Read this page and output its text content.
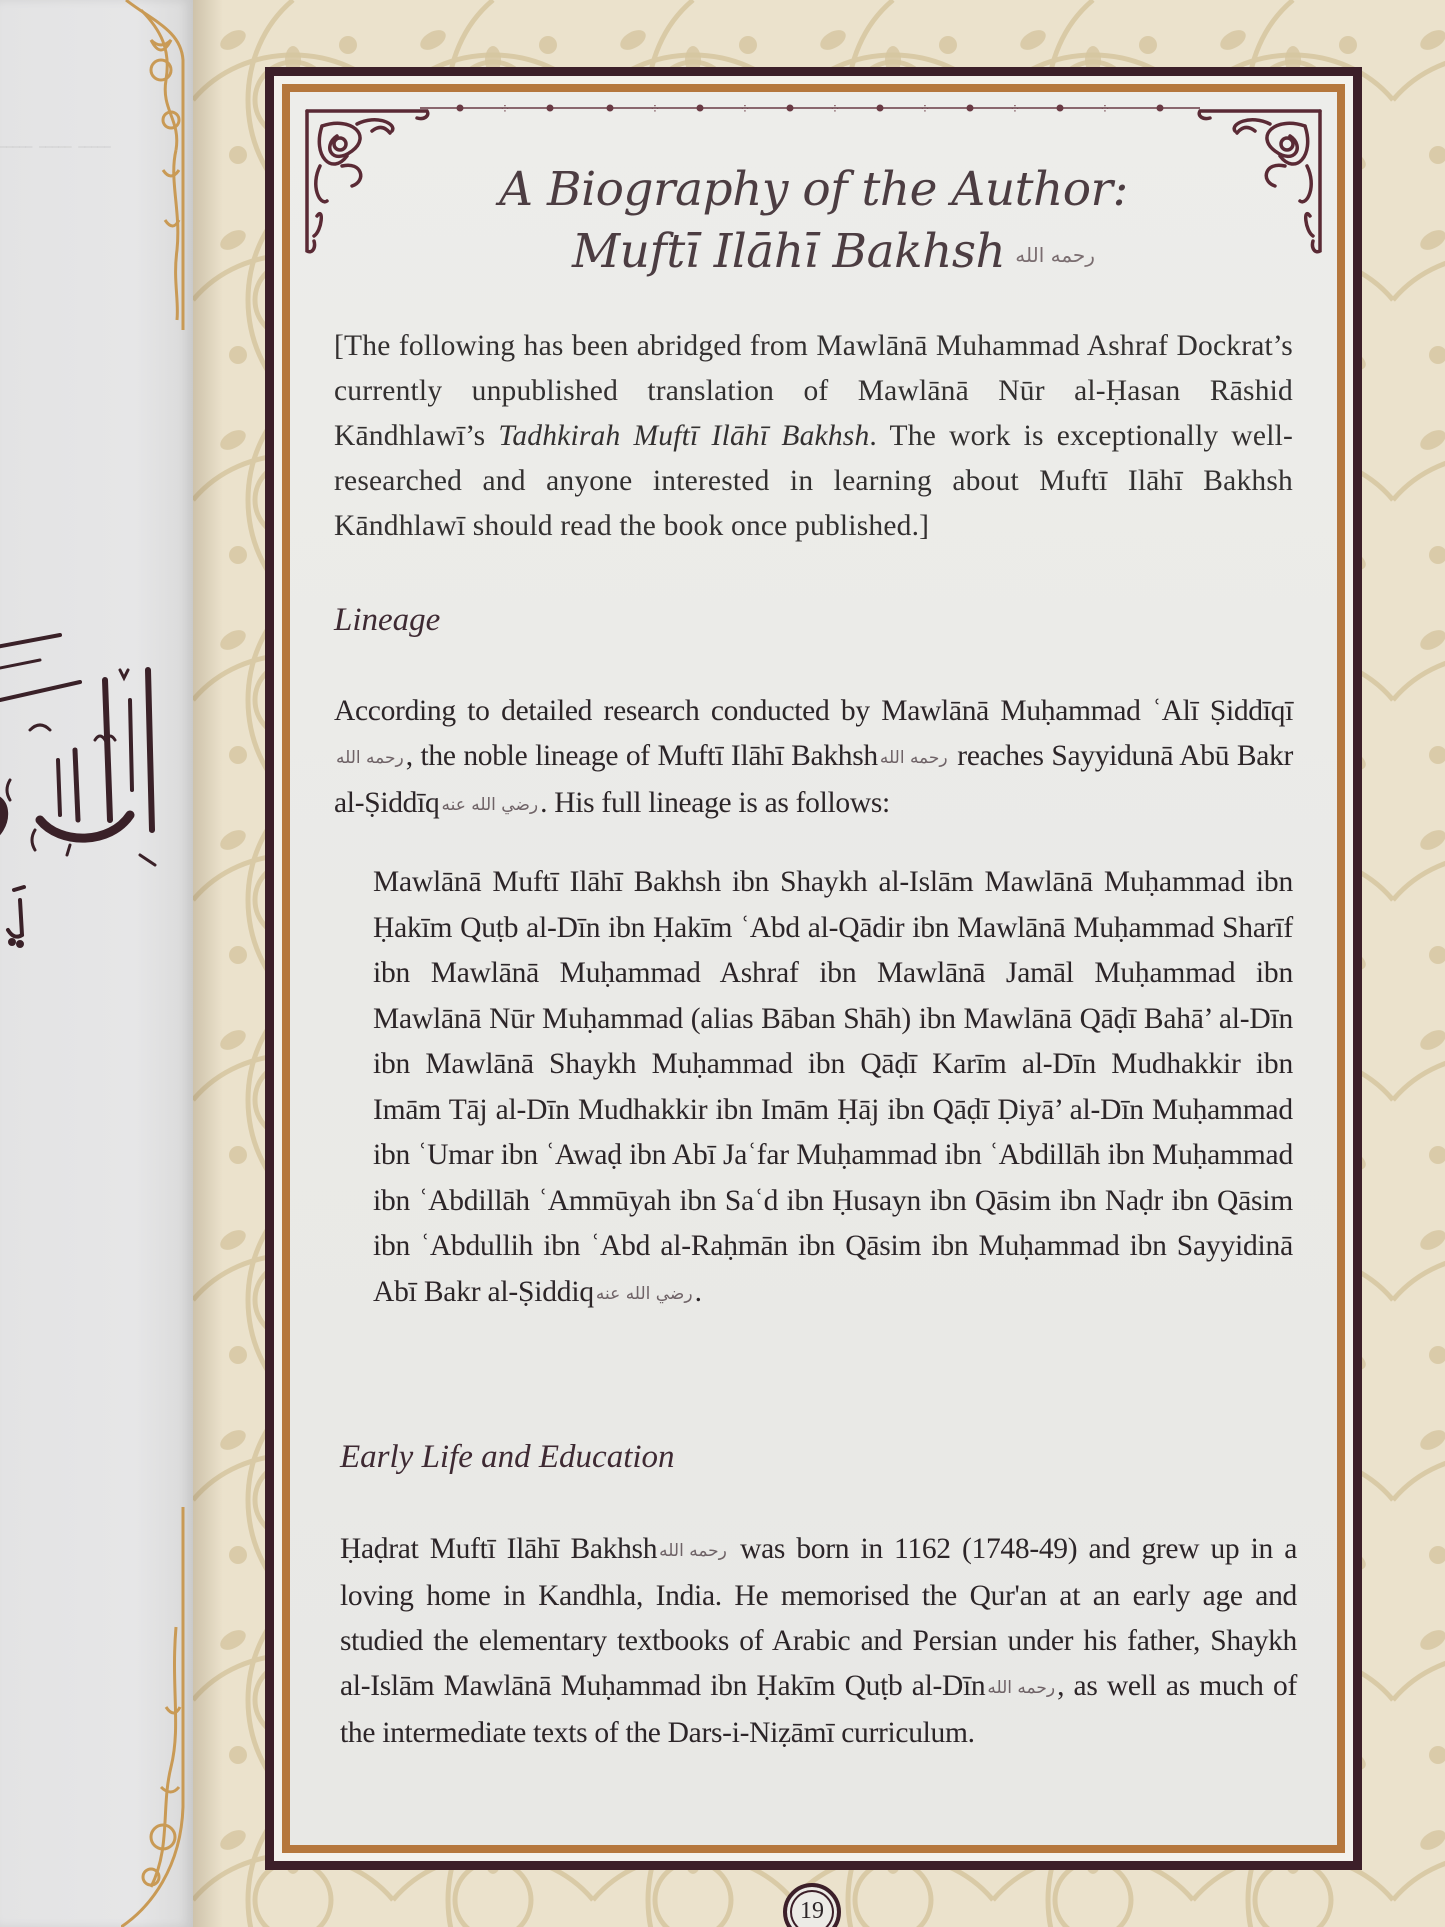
ـــــ ـــــ ـــــ
⁘	⁘	⁘	⁘	⁘	⁘	⁘
A Biography of the Author:
Muftī Ilāhī Bakhsh رحمه الله

[The following has been abridged from Mawlānā Muhammad Ashraf Dockrat’s currently unpublished translation of Mawlānā Nūr al-Ḥasan Rāshid Kāndhlawī’s Tadhkirah Muftī Ilāhī Bakhsh. The work is exceptionally well-researched and anyone interested in learning about Muftī Ilāhī Bakhsh Kāndhlawī should read the book once published.]

Lineage

According to detailed research conducted by Mawlānā Muḥammad ʿAlī Ṣiddīqīرحمه الله, the noble lineage of Muftī Ilāhī Bakhsh رحمه الله reaches Sayyidunā Abū Bakr al-Ṣiddīq رضي الله عنه. His full lineage is as follows:

Mawlānā Muftī Ilāhī Bakhsh ibn Shaykh al-Islām Mawlānā Muḥammad ibn Ḥakīm Quṭb al-Dīn ibn Ḥakīm ʿAbd al-Qādir ibn Mawlānā Muḥammad Sharīf ibn Mawlānā Muḥammad Ashraf ibn Mawlānā Jamāl Muḥammad ibn Mawlānā Nūr Muḥammad (alias Bāban Shāh) ibn Mawlānā Qāḍī Bahā’ al-Dīn ibn Mawlānā Shaykh Muḥammad ibn Qāḍī Karīm al-Dīn Mudhakkir ibn Imām Tāj al-Dīn Mudhakkir ibn Imām Ḥāj ibn Qāḍī Ḍiyā’ al-Dīn Muḥammad ibn ʿUmar ibn ʿAwaḍ ibn Abī Jaʿfar Muḥammad ibn ʿAbdillāh ibn Muḥammad ibn ʿAbdillāh ʿAmmūyah ibn Saʿd ibn Ḥusayn ibn Qāsim ibn Naḍr ibn Qāsim ibn ʿAbdullih ibn ʿAbd al-Raḥmān ibn Qāsim ibn Muḥammad ibn Sayyidinā Abī Bakr al-Ṣiddiq رضي الله عنه.

Early Life and Education

Ḥaḍrat Muftī Ilāhī Bakhsh رحمه الله was born in 1162 (1748-49) and grew up in a loving home in Kandhla, India. He memorised the Qur'an at an early age and studied the elementary textbooks of Arabic and Persian under his father, Shaykh al-Islām Mawlānā Muḥammad ibn Ḥakīm Quṭb al-Dīn رحمه الله, as well as much of the intermediate texts of the Dars-i-Niẓāmī curriculum.

19
